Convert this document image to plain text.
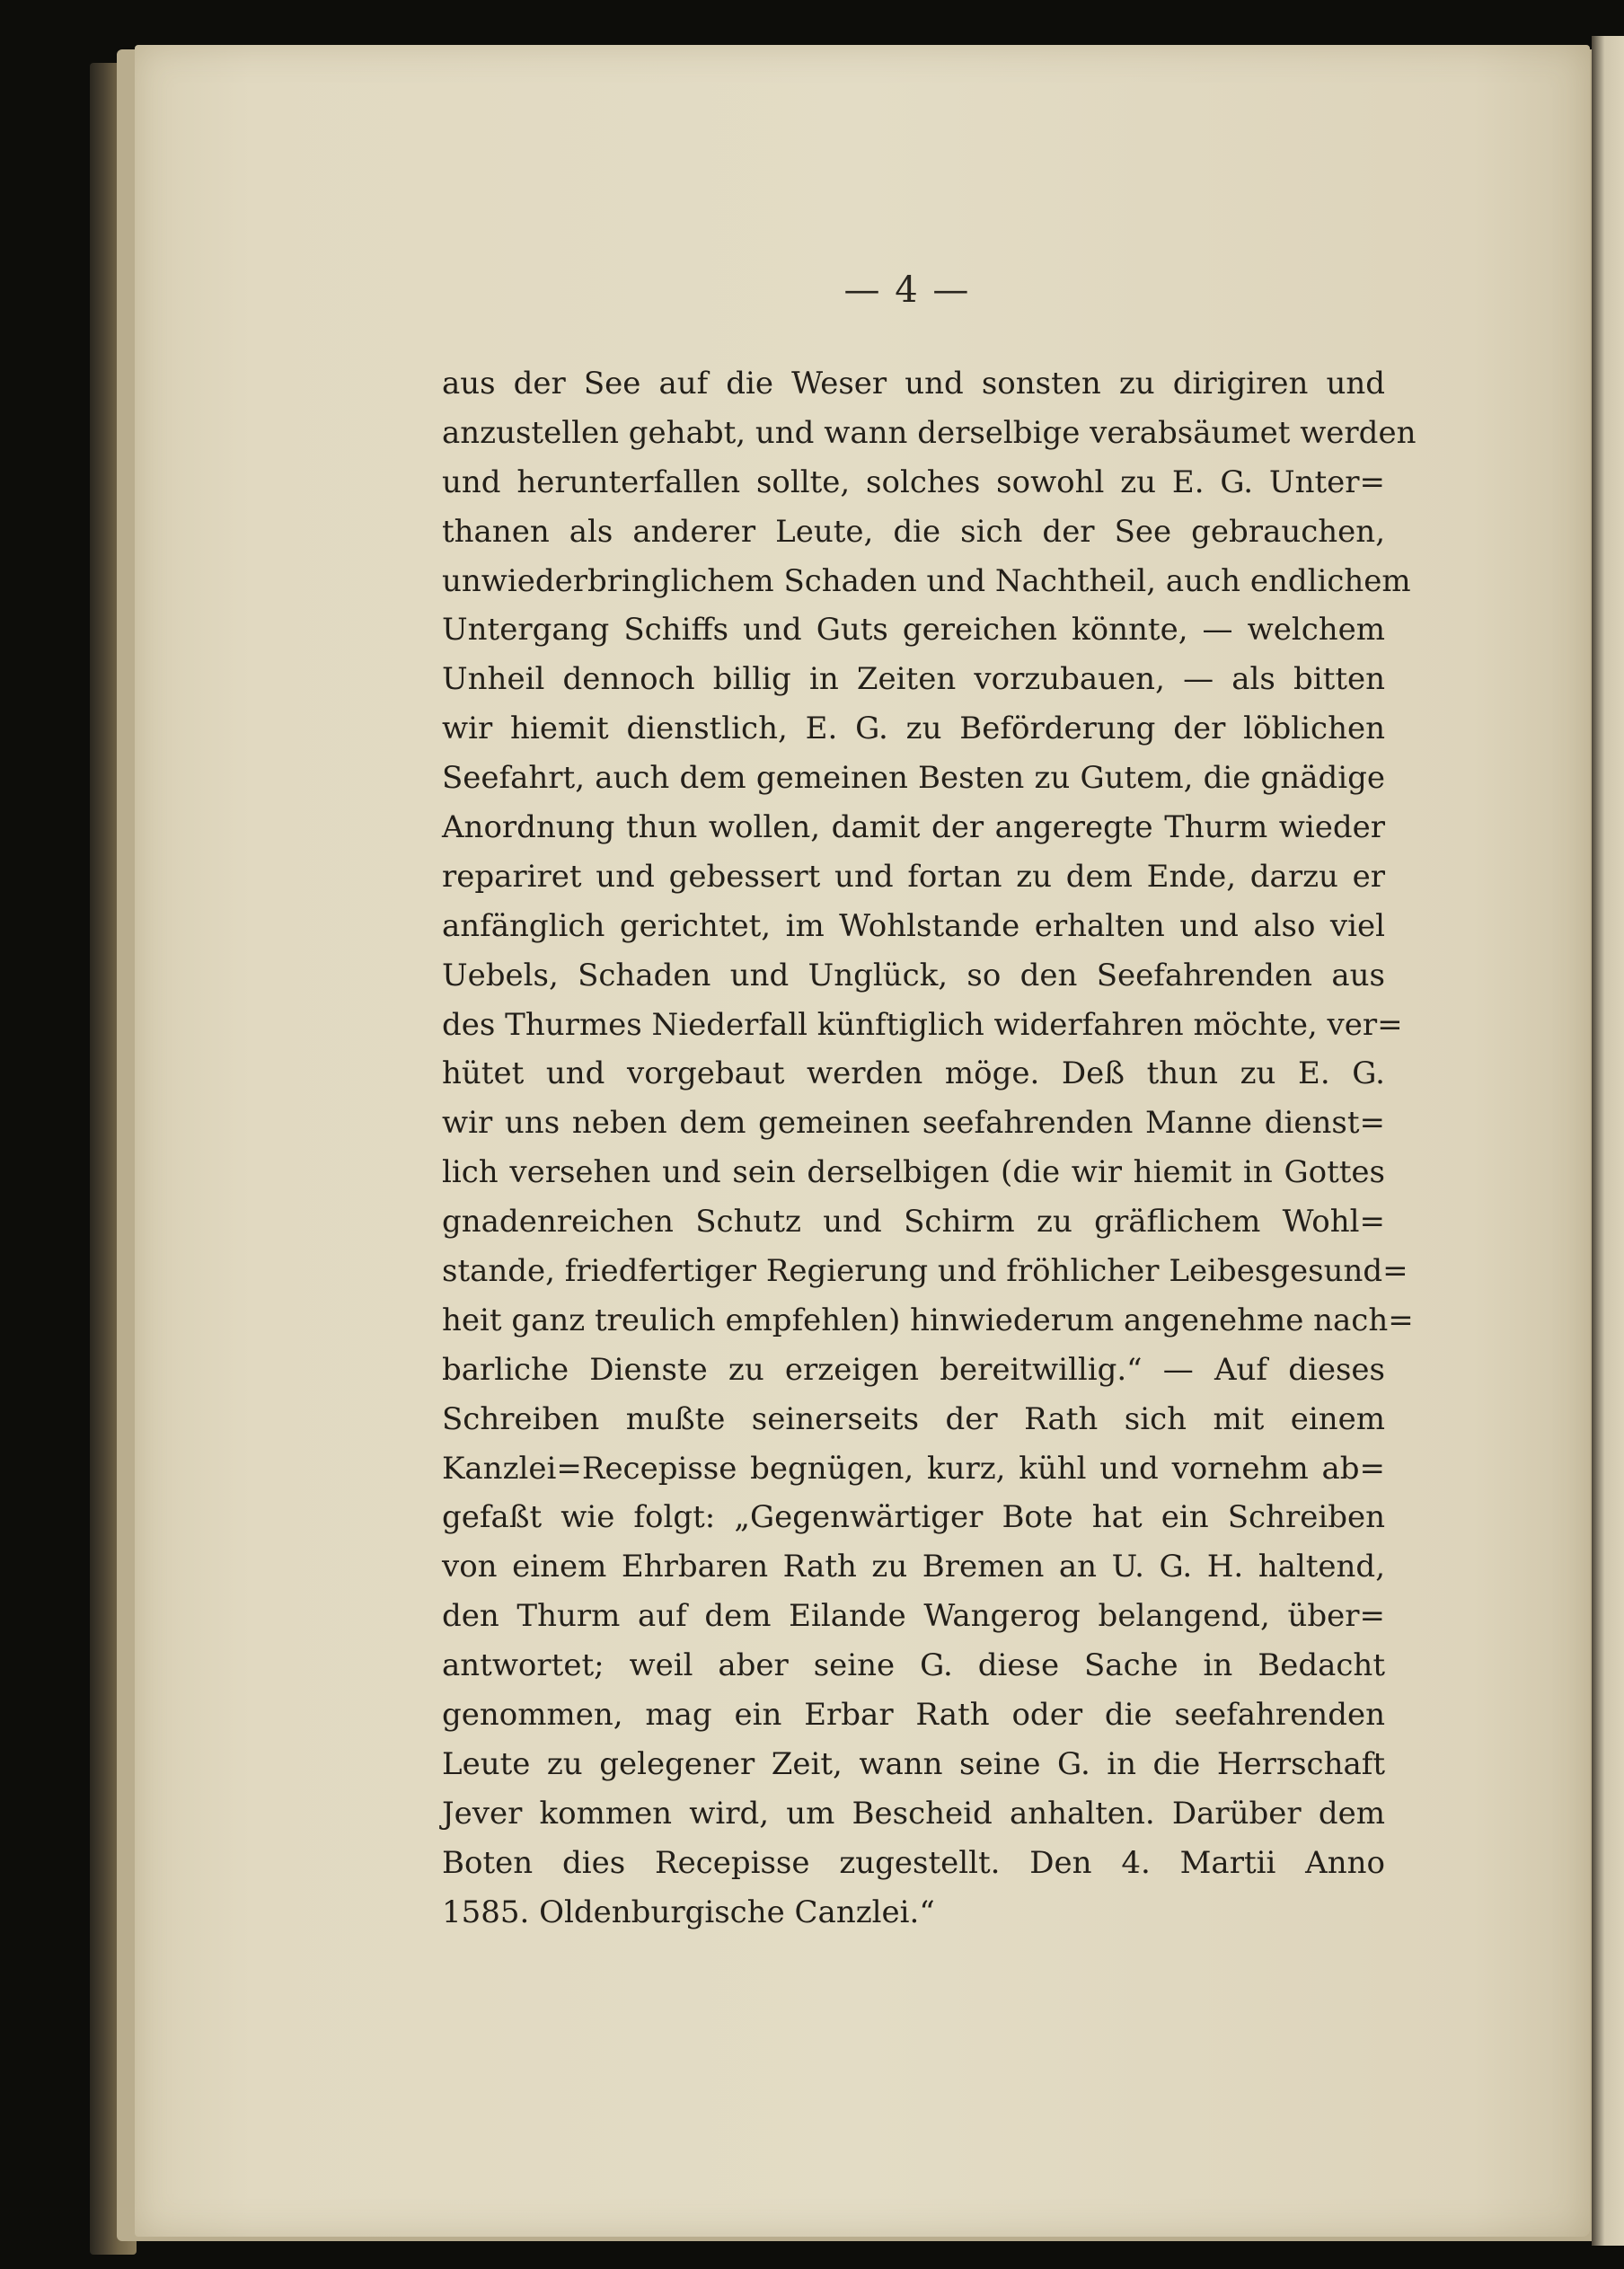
— 4 —
aus der See auf die Weser und sonsten zu dirigiren und
anzustellen gehabt, und wann derselbige verabsäumet werden
und herunterfallen sollte, solches sowohl zu E. G. Unter=
thanen als anderer Leute, die sich der See gebrauchen,
unwiederbringlichem Schaden und Nachtheil, auch endlichem
Untergang Schiffs und Guts gereichen könnte, — welchem
Unheil dennoch billig in Zeiten vorzubauen, — als bitten
wir hiemit dienstlich, E. G. zu Beförderung der löblichen
Seefahrt, auch dem gemeinen Besten zu Gutem, die gnädige
Anordnung thun wollen, damit der angeregte Thurm wieder
repariret und gebessert und fortan zu dem Ende, darzu er
anfänglich gerichtet, im Wohlstande erhalten und also viel
Uebels, Schaden und Unglück, so den Seefahrenden aus
des Thurmes Niederfall künftiglich widerfahren möchte, ver=
hütet und vorgebaut werden möge. Deß thun zu E. G.
wir uns neben dem gemeinen seefahrenden Manne dienst=
lich versehen und sein derselbigen (die wir hiemit in Gottes
gnadenreichen Schutz und Schirm zu gräflichem Wohl=
stande, friedfertiger Regierung und fröhlicher Leibesgesund=
heit ganz treulich empfehlen) hinwiederum angenehme nach=
barliche Dienste zu erzeigen bereitwillig.“ — Auf dieses
Schreiben mußte seinerseits der Rath sich mit einem
Kanzlei=Recepisse begnügen, kurz, kühl und vornehm ab=
gefaßt wie folgt: „Gegenwärtiger Bote hat ein Schreiben
von einem Ehrbaren Rath zu Bremen an U. G. H. haltend,
den Thurm auf dem Eilande Wangerog belangend, über=
antwortet; weil aber seine G. diese Sache in Bedacht
genommen, mag ein Erbar Rath oder die seefahrenden
Leute zu gelegener Zeit, wann seine G. in die Herrschaft
Jever kommen wird, um Bescheid anhalten. Darüber dem
Boten dies Recepisse zugestellt. Den 4. Martii Anno
1585. Oldenburgische Canzlei.“
